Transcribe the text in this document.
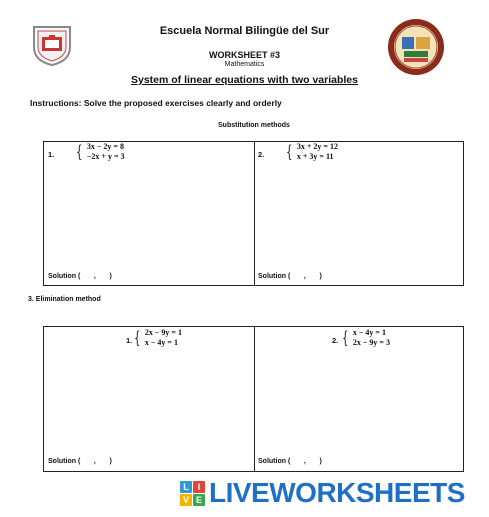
Escuela Normal Bilingüe del Sur
WORKSHEET #3
Mathematics
System of linear equations with two variables
Instructions: Solve the proposed exercises clearly and orderly
Substitution methods
1. { 3x − 2y = 8
−2x + y = 3
Solution (       ,       )
2. { 3x + 2y = 12
x + 3y = 11
Solution (       ,       )
3. Elimination method
1. { 2x − 9y = 1
x − 4y = 1
Solution (       ,       )
2. { x − 4y = 1
2x − 9y = 3
Solution (       ,       )
L I
V E LIVEWORKSHEETS
